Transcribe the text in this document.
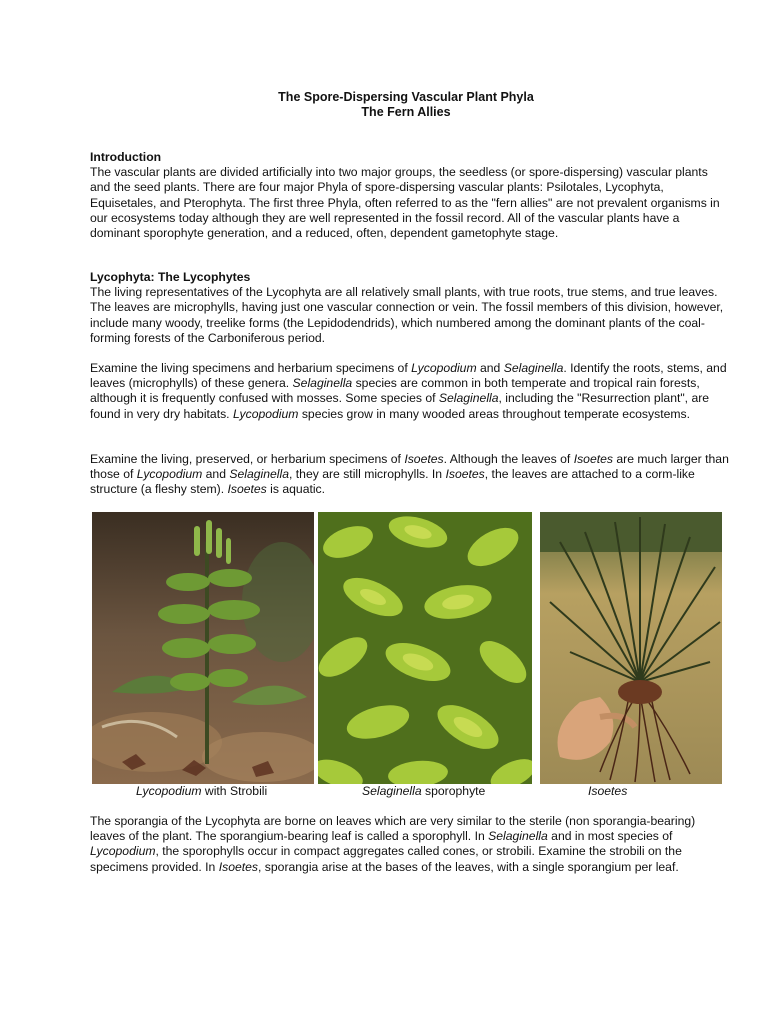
The Spore-Dispersing Vascular Plant Phyla
The Fern Allies
Introduction

The vascular plants are divided artificially into two major groups, the seedless (or spore-dispersing) vascular plants and the seed plants. There are four major Phyla of spore-dispersing vascular plants: Psilotales, Lycophyta, Equisetales, and Pterophyta. The first three Phyla, often referred to as the "fern allies" are not prevalent organisms in our ecosystems today although they are well represented in the fossil record. All of the vascular plants have a dominant sporophyte generation, and a reduced, often, dependent gametophyte stage.

Lycophyta: The Lycophytes

The living representatives of the Lycophyta are all relatively small plants, with true roots, true stems, and true leaves. The leaves are microphylls, having just one vascular connection or vein. The fossil members of this division, however, include many woody, treelike forms (the Lepidodendrids), which numbered among the dominant plants of the coal-forming forests of the Carboniferous period.

Examine the living specimens and herbarium specimens of Lycopodium and Selaginella. Identify the roots, stems, and leaves (microphylls) of these genera. Selaginella species are common in both temperate and tropical rain forests, although it is frequently confused with mosses. Some species of Selaginella, including the "Resurrection plant", are found in very dry habitats. Lycopodium species grow in many wooded areas throughout temperate ecosystems.

Examine the living, preserved, or herbarium specimens of Isoetes. Although the leaves of Isoetes are much larger than those of Lycopodium and Selaginella, they are still microphylls. In Isoetes, the leaves are attached to a corm-like structure (a fleshy stem). Isoetes is aquatic.

Lycopodium with Strobili	Selaginella sporophyte	Isoetes

The sporangia of the Lycophyta are borne on leaves which are very similar to the sterile (non sporangia-bearing) leaves of the plant. The sporangium-bearing leaf is called a sporophyll. In Selaginella and in most species of Lycopodium, the sporophylls occur in compact aggregates called cones, or strobili. Examine the strobili on the specimens provided. In Isoetes, sporangia arise at the bases of the leaves, with a single sporangium per leaf.
